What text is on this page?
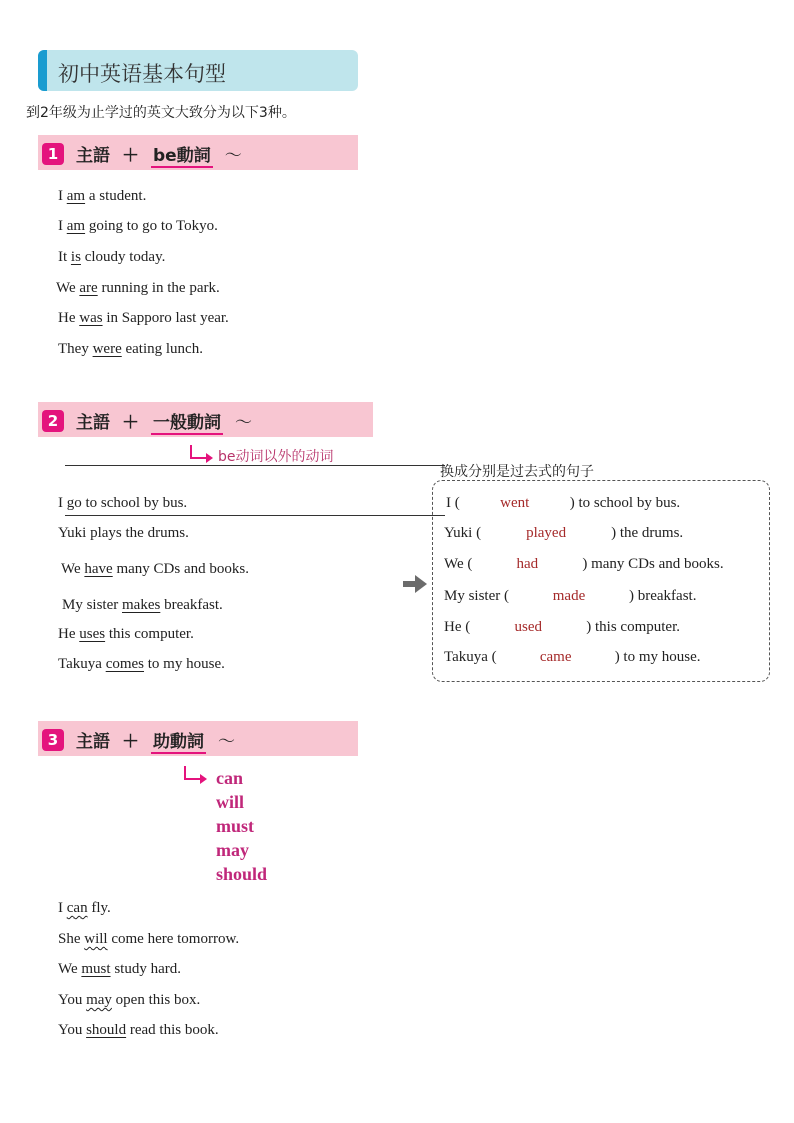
初中英语基本句型
到2年级为止学过的英文大致分为以下3种。
1	主語 ＋ be動詞 ～
I am a student.
I am going to go to Tokyo.
It is cloudy today.
We are running in the park.
He was in Sapporo last year.
They were eating lunch.
2	主語 ＋ 一般動詞 ～
be动词以外的动词
I go to school by bus.
Yuki plays the drums.
We have many CDs and books.
My sister makes breakfast.
He uses this computer.
Takuya comes to my house.
换成分别是过去式的句子
I (	went	) to school by bus.
Yuki (	played	) the drums.
We (	had	) many CDs and books.
My sister (	made	) breakfast.
He (	used	) this computer.
Takuya (	came	) to my house.
3	主語 ＋ 助動詞 ～
can
will
must
may
should
I can fly.
She will come here tomorrow.
We must study hard.
You may open this box.
You should read this book.
